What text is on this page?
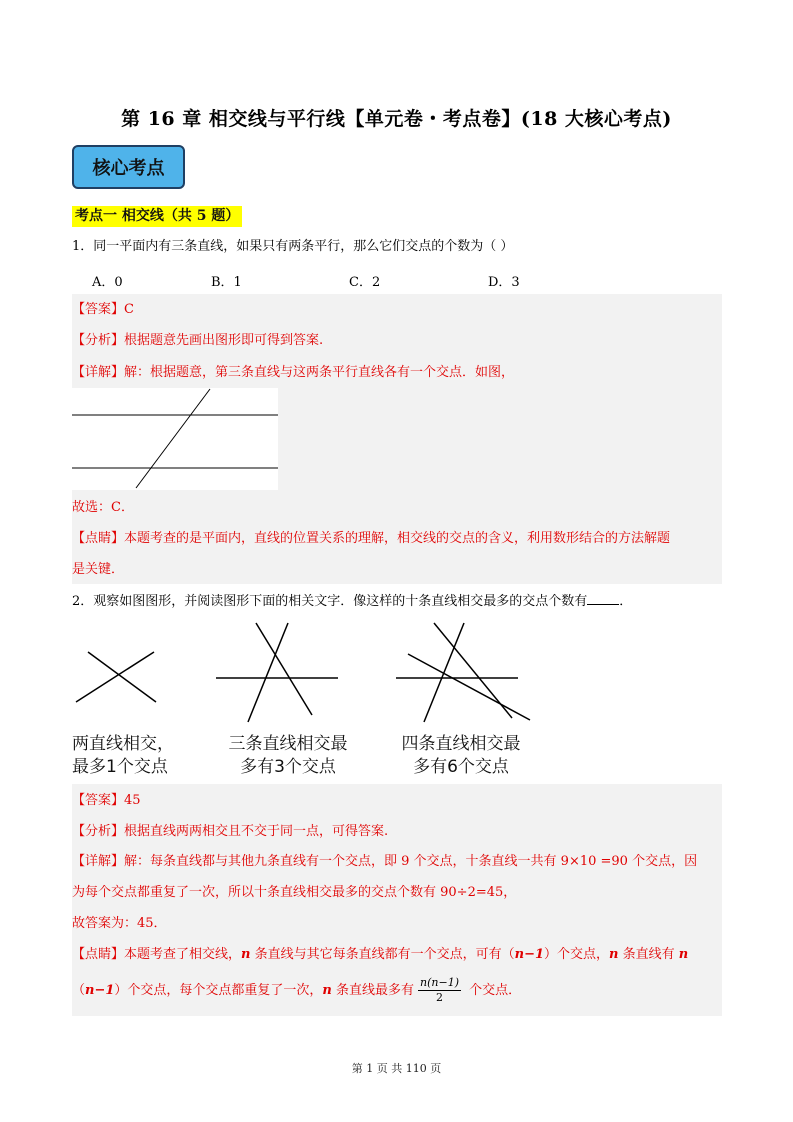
第 16 章 相交线与平行线【单元卷・考点卷】(18 大核心考点)
核心考点
考点一 相交线（共 5 题）
1．同一平面内有三条直线，如果只有两条平行，那么它们交点的个数为（ ）
A．0	B．1	C．2	D．3
【答案】C
【分析】根据题意先画出图形即可得到答案.
【详解】解：根据题意，第三条直线与这两条平行直线各有一个交点．如图，
故选：C．
【点睛】本题考查的是平面内，直线的位置关系的理解，相交线的交点的含义，利用数形结合的方法解题
是关键．
2．观察如图图形，并阅读图形下面的相关文字．像这样的十条直线相交最多的交点个数有 ．
两直线相交，
最多1个交点
三条直线相交最
多有3个交点
四条直线相交最
多有6个交点
【答案】45
【分析】根据直线两两相交且不交于同一点，可得答案.
【详解】解：每条直线都与其他九条直线有一个交点，即 9 个交点，十条直线一共有 9×10 =90 个交点，因
为每个交点都重复了一次，所以十条直线相交最多的交点个数有 90÷2=45，
故答案为：45．
【点睛】本题考查了相交线，n 条直线与其它每条直线都有一个交点，可有（n−1）个交点，n 条直线有 n
（n−1）个交点，每个交点都重复了一次，n 条直线最多有 $\frac{n(n-1)}{2}$ 个交点．
第 1 页 共 110 页
